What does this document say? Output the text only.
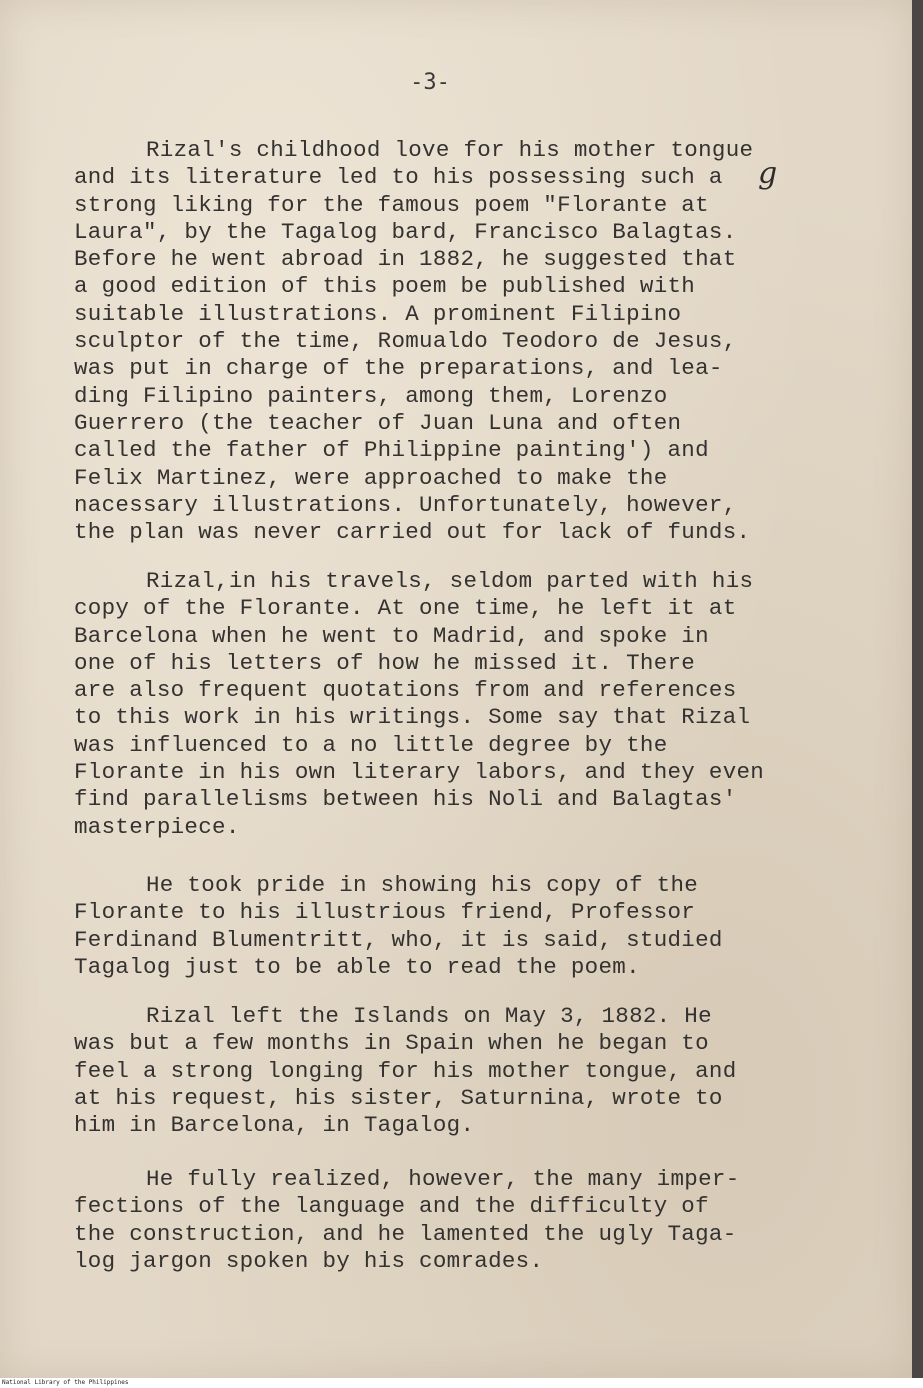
-3-
g
Rizal's childhood love for his mother tongue
and its literature led to his possessing such a
strong liking for the famous poem "Florante at
Laura", by the Tagalog bard, Francisco Balagtas.
Before he went abroad in 1882, he suggested that
a good edition of this poem be published with
suitable illustrations. A prominent Filipino
sculptor of the time, Romualdo Teodoro de Jesus,
was put in charge of the preparations, and lea-
ding Filipino painters, among them, Lorenzo
Guerrero (the teacher of Juan Luna and often
called the father of Philippine painting') and
Felix Martinez, were approached to make the
nacessary illustrations. Unfortunately, however,
the plan was never carried out for lack of funds.
Rizal,in his travels, seldom parted with his
copy of the Florante. At one time, he left it at
Barcelona when he went to Madrid, and spoke in
one of his letters of how he missed it. There
are also frequent quotations from and references
to this work in his writings. Some say that Rizal
was influenced to a no little degree by the
Florante in his own literary labors, and they even
find parallelisms between his Noli and Balagtas'
masterpiece.
He took pride in showing his copy of the
Florante to his illustrious friend, Professor
Ferdinand Blumentritt, who, it is said, studied
Tagalog just to be able to read the poem.
Rizal left the Islands on May 3, 1882. He
was but a few months in Spain when he began to
feel a strong longing for his mother tongue, and
at his request, his sister, Saturnina, wrote to
him in Barcelona, in Tagalog.
He fully realized, however, the many imper-
fections of the language and the difficulty of
the construction, and he lamented the ugly Taga-
log jargon spoken by his comrades.
National Library of the Philippines
